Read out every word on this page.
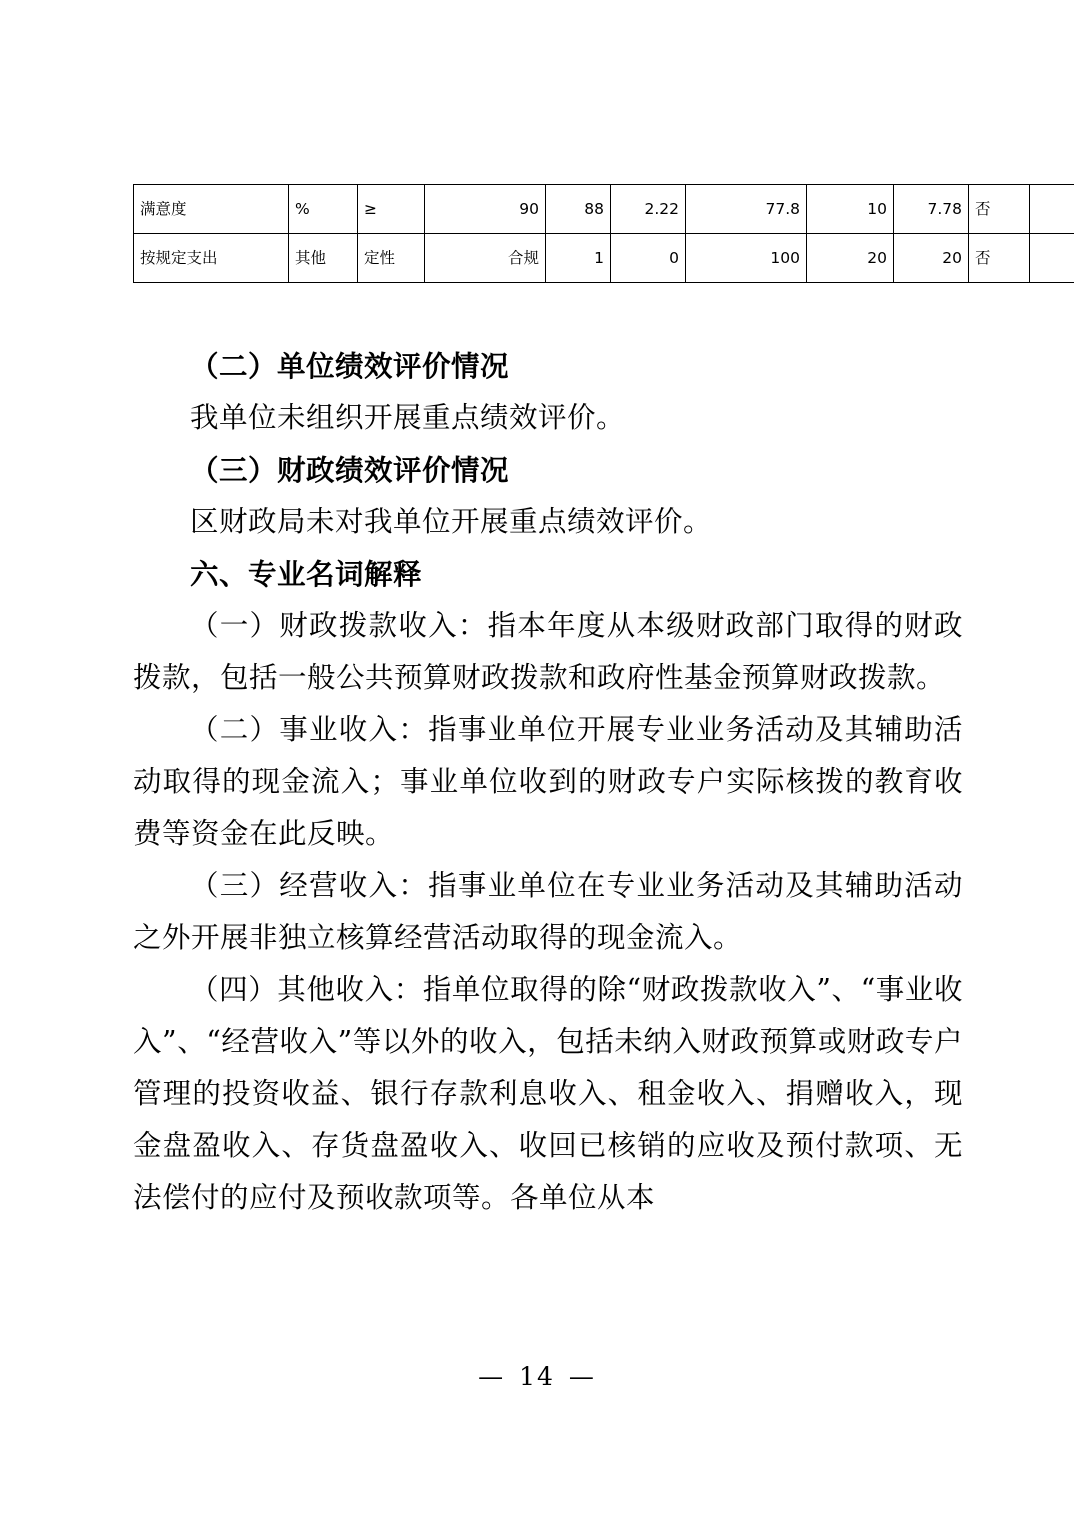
满意度	%	≥	90	88	2.22	77.8	10	7.78	否	
按规定支出	其他	定性	合规	1	0	100	20	20	否	

（二）单位绩效评价情况

我单位未组织开展重点绩效评价。

（三）财政绩效评价情况

区财政局未对我单位开展重点绩效评价。

六、专业名词解释

（一）财政拨款收入：指本年度从本级财政部门取得的财政拨款，包括一般公共预算财政拨款和政府性基金预算财政拨款。

（二）事业收入：指事业单位开展专业业务活动及其辅助活动取得的现金流入；事业单位收到的财政专户实际核拨的教育收费等资金在此反映。

（三）经营收入：指事业单位在专业业务活动及其辅助活动之外开展非独立核算经营活动取得的现金流入。

（四）其他收入：指单位取得的除“财政拨款收入”、“事业收入”、“经营收入”等以外的收入，包括未纳入财政预算或财政专户管理的投资收益、银行存款利息收入、租金收入、捐赠收入，现金盘盈收入、存货盘盈收入、收回已核销的应收及预付款项、无法偿付的应付及预收款项等。各单位从本

— 14 —
